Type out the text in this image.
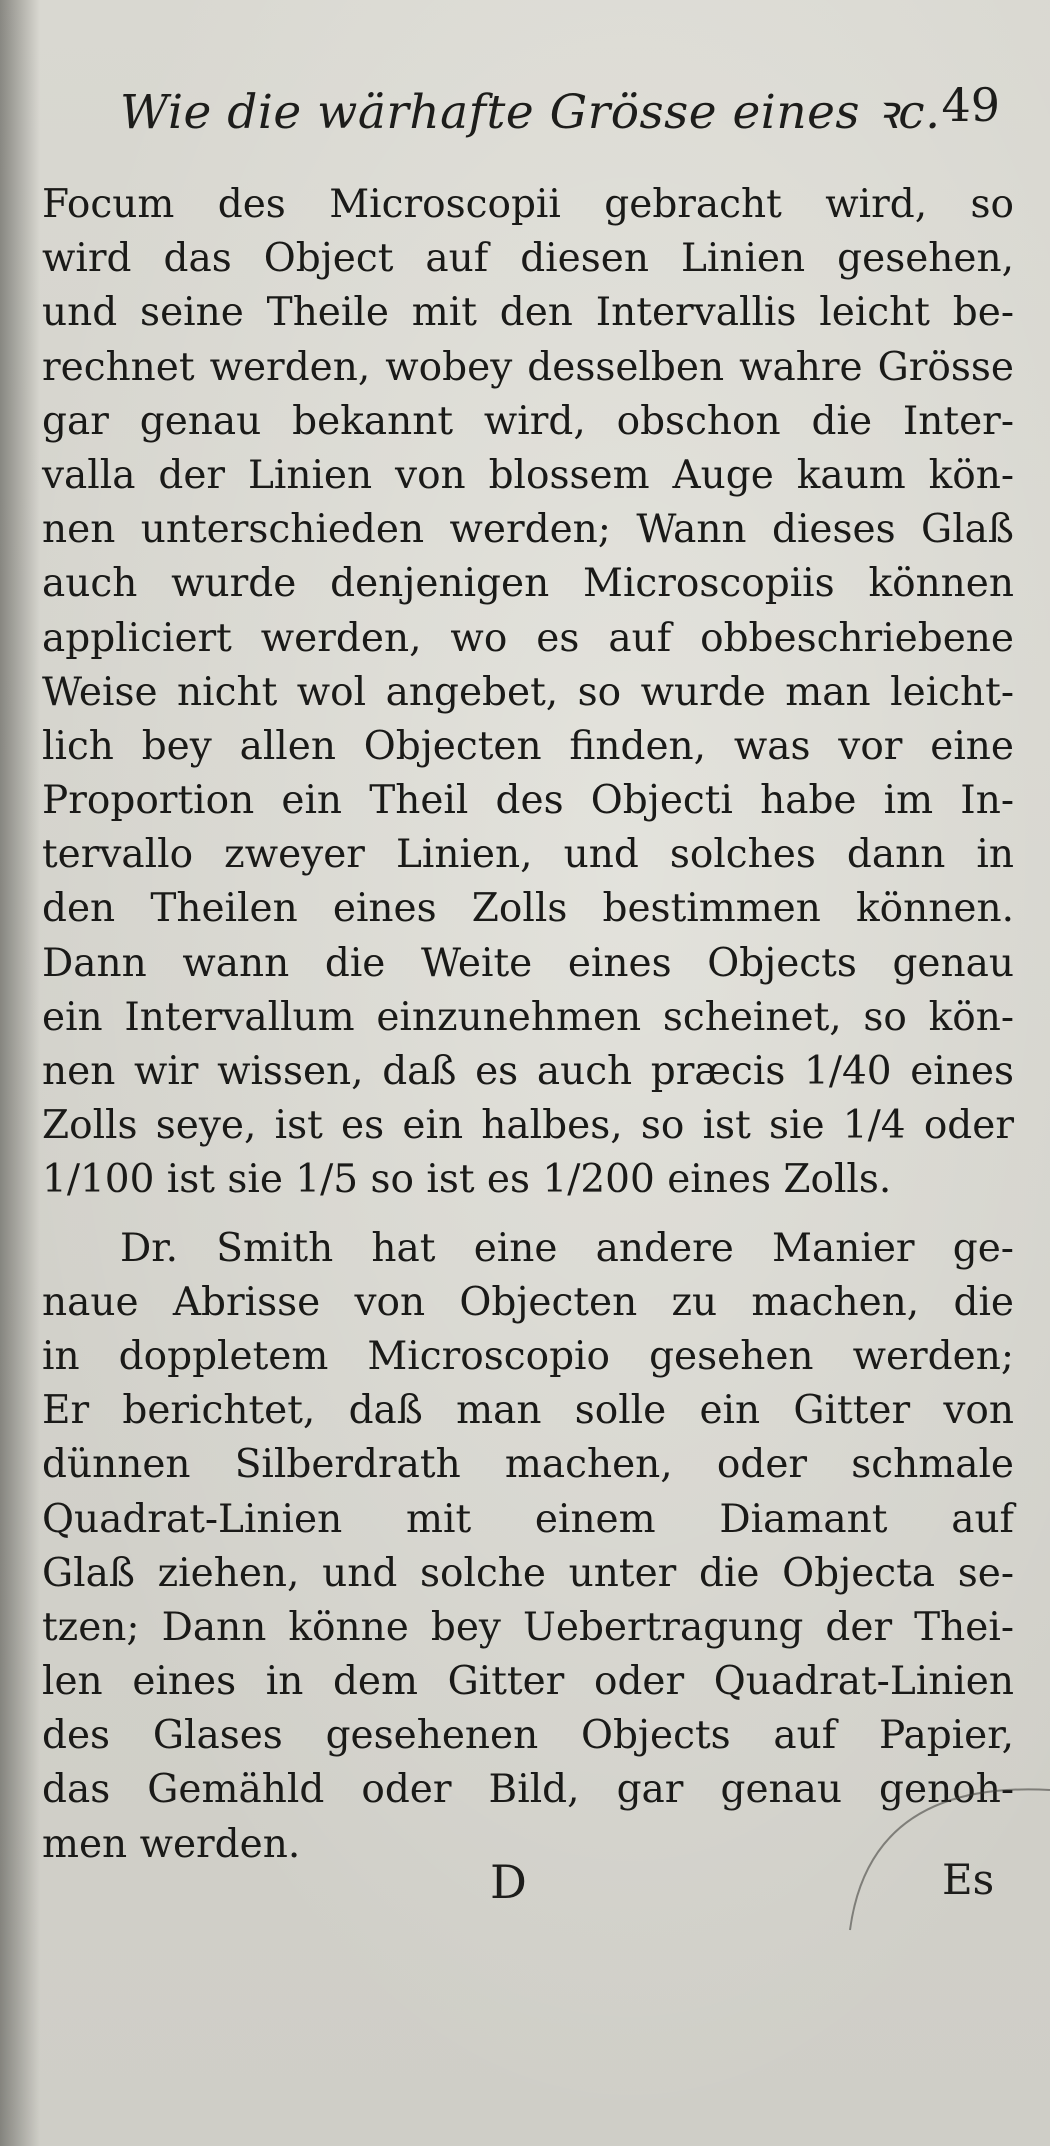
Wie die wärhafte Grösse eines ꝛc. 49
Focum des Microscopii gebracht wird, so
wird das Object auf diesen Linien gesehen,
und seine Theile mit den Intervallis leicht be-
rechnet werden, wobey desselben wahre Grösse
gar genau bekannt wird, obschon die Inter-
valla der Linien von blossem Auge kaum kön-
nen unterschieden werden; Wann dieses Glaß
auch wurde denjenigen Microscopiis können
appliciert werden, wo es auf obbeschriebene
Weise nicht wol angebet, so wurde man leicht-
lich bey allen Objecten finden, was vor eine
Proportion ein Theil des Objecti habe im In-
tervallo zweyer Linien, und solches dann in
den Theilen eines Zolls bestimmen können.
Dann wann die Weite eines Objects genau
ein Intervallum einzunehmen scheinet, so kön-
nen wir wissen, daß es auch præcis 1/40 eines
Zolls seye, ist es ein halbes, so ist sie 1/4 oder
1/100 ist sie 1/5 so ist es 1/200 eines Zolls.
Dr. Smith hat eine andere Manier ge-
naue Abrisse von Objecten zu machen, die
in doppletem Microscopio gesehen werden;
Er berichtet, daß man solle ein Gitter von
dünnen Silberdrath machen, oder schmale
Quadrat-Linien mit einem Diamant auf
Glaß ziehen, und solche unter die Objecta se-
tzen; Dann könne bey Uebertragung der Thei-
len eines in dem Gitter oder Quadrat-Linien
des Glases gesehenen Objects auf Papier,
das Gemähld oder Bild, gar genau genoh-
men werden.
D	Es
